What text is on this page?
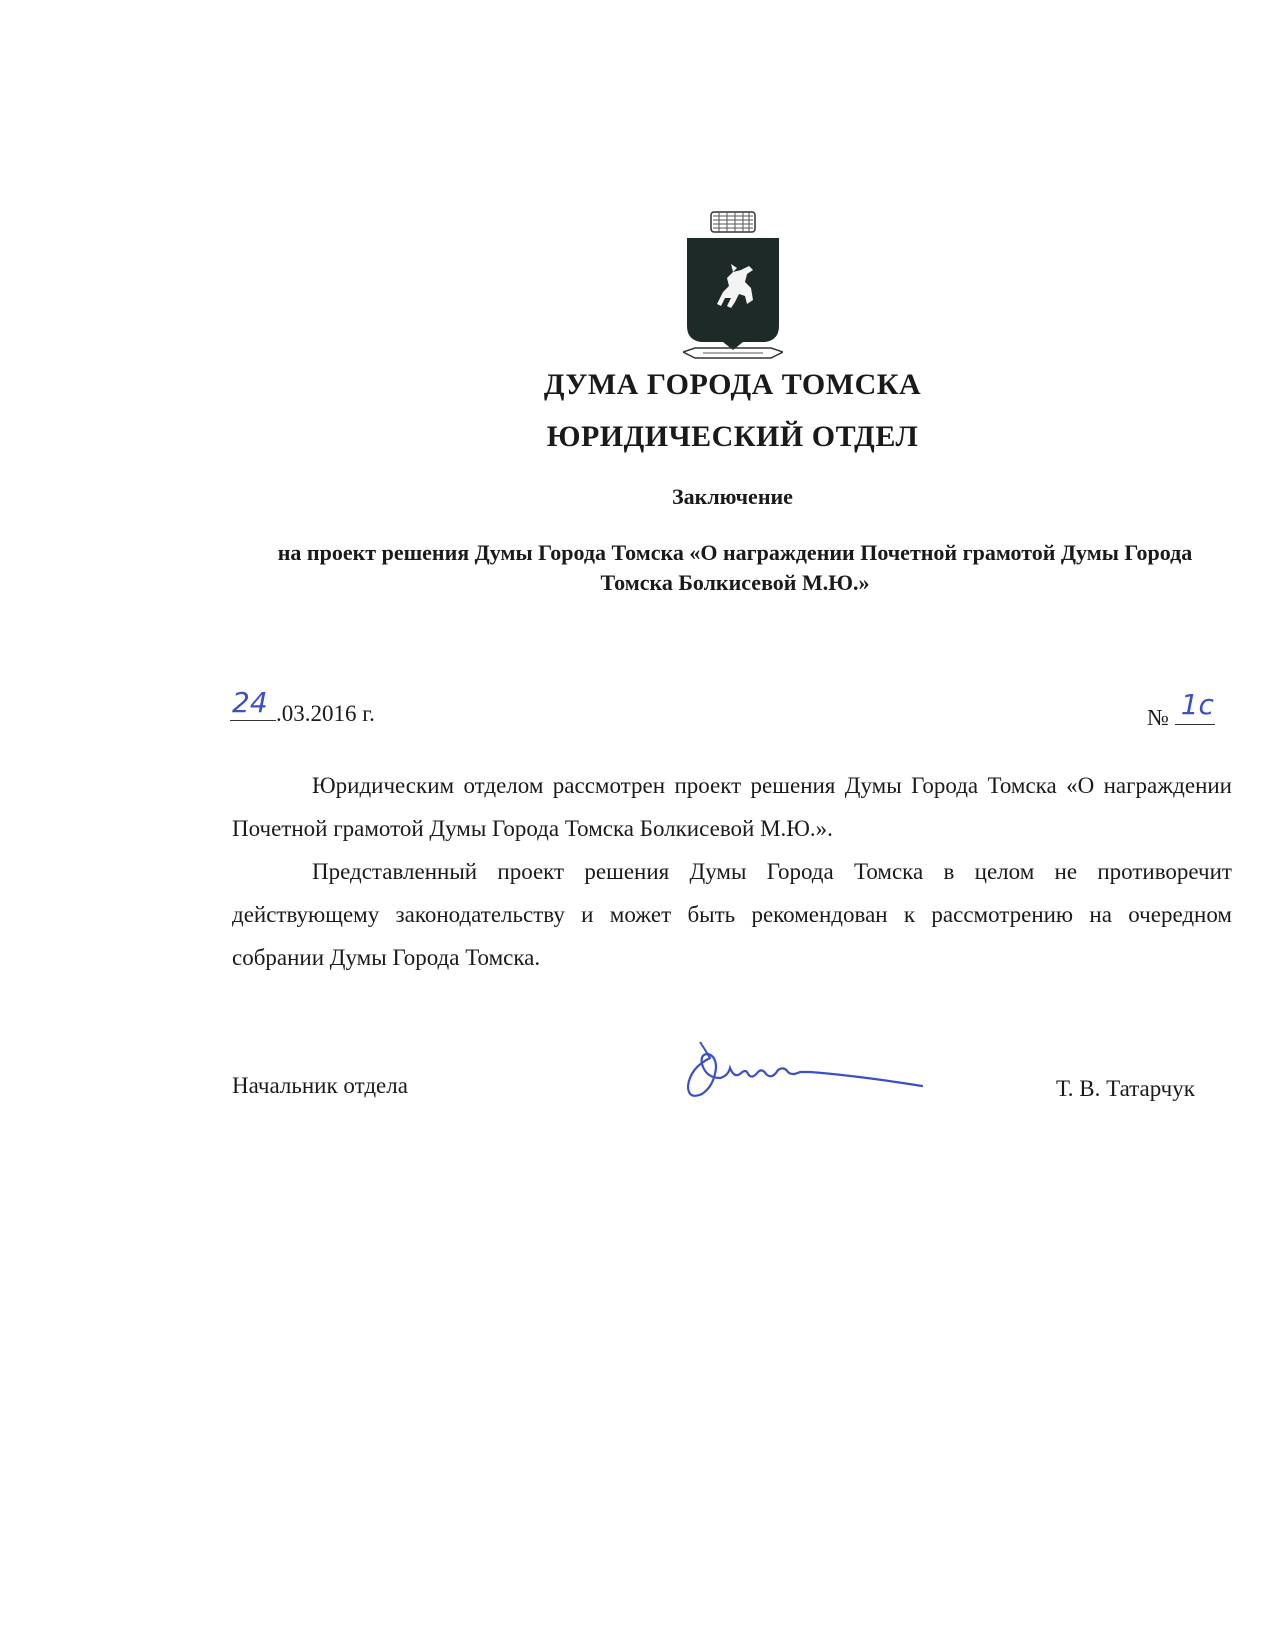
ДУМА ГОРОДА ТОМСКА
ЮРИДИЧЕСКИЙ ОТДЕЛ
Заключение
на проект решения Думы Города Томска «О награждении Почетной грамотой Думы Города Томска Болкисевой М.Ю.»
24 .03.2016 г.	№ 1с

Юридическим отделом рассмотрен проект решения Думы Города Томска «О награждении Почетной грамотой Думы Города Томска Болкисевой М.Ю.».

Представленный проект решения Думы Города Томска в целом не противоречит действующему законодательству и может быть рекомендован к рассмотрению на очередном собрании Думы Города Томска.

Начальник отдела	Т. В. Татарчук
